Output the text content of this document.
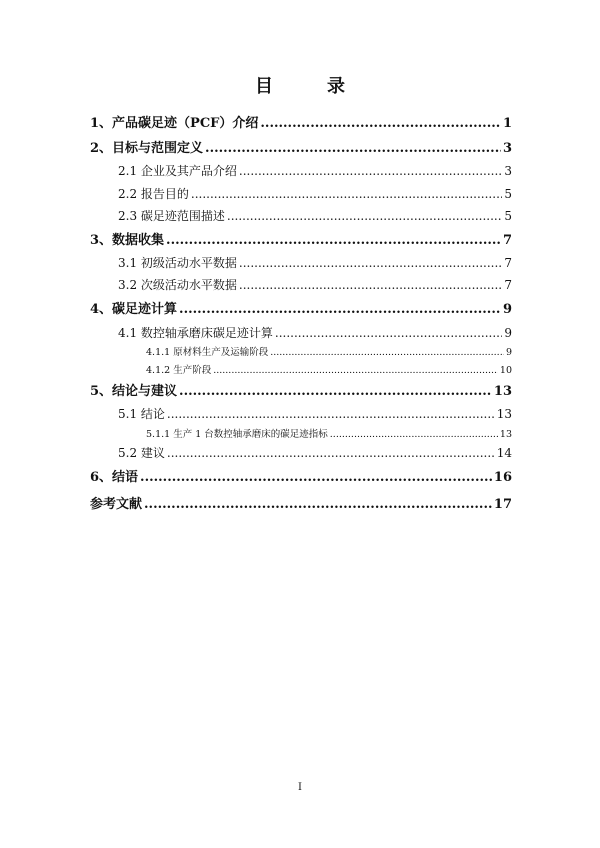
目　录
1、产品碳足迹（PCF）介绍 .....	1
2、目标与范围定义 .....	3
2.1 企业及其产品介绍 .....	3
2.2 报告目的 .....	5
2.3 碳足迹范围描述 .....	5
3、数据收集 .....	7
3.1 初级活动水平数据 .....	7
3.2 次级活动水平数据 .....	7
4、碳足迹计算 .....	9
4.1 数控轴承磨床碳足迹计算 .....	9
4.1.1 原材料生产及运输阶段 .....	9
4.1.2 生产阶段 .....	10
5、结论与建议 .....	13
5.1 结论 .....	13
5.1.1 生产 1 台数控轴承磨床的碳足迹指标 .....	13
5.2 建议 .....	14
6、结语 .....	16
参考文献 .....	17
I
